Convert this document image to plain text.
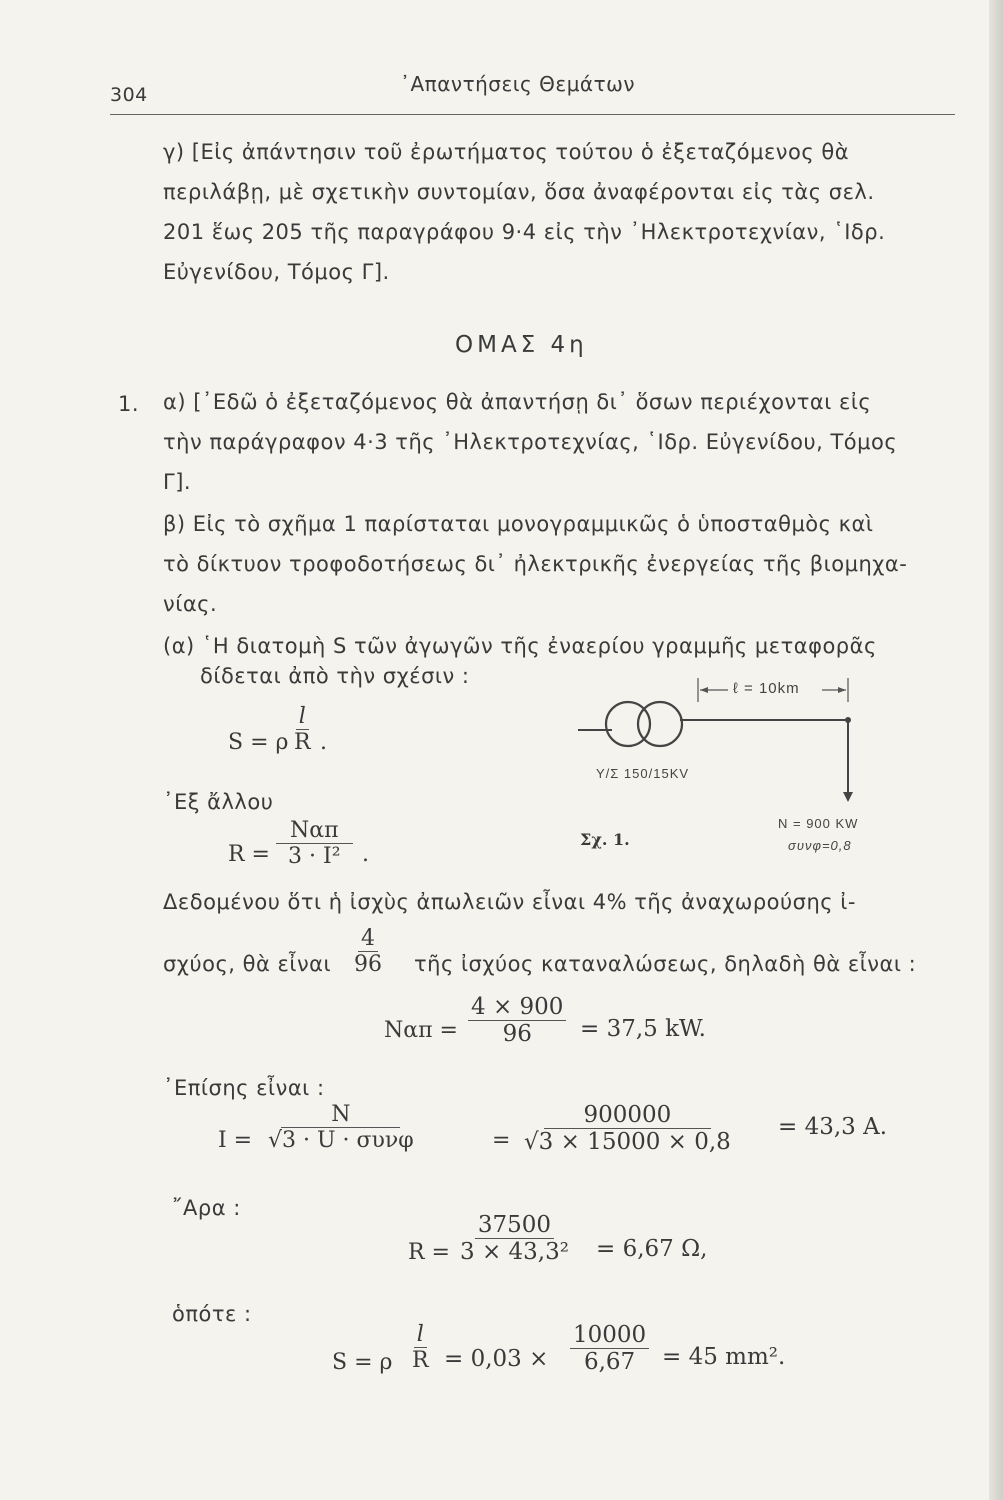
304	᾽Απαντήσεις Θεμάτων
γ) [Εἰς ἀπάντησιν τοῦ ἐρωτήματος τούτου ὁ ἐξεταζόμενος θὰ
περιλάβῃ, μὲ σχετικὴν συντομίαν, ὅσα ἀναφέρονται εἰς τὰς σελ.
201 ἕως 205 τῆς παραγράφου 9·4 εἰς τὴν ᾽Ηλεκτροτεχνίαν, ῾Ιδρ.
Εὐγενίδου, Τόμος Γ].
ΟΜΑΣ 4η
1. α) [᾽Εδῶ ὁ ἐξεταζόμενος θὰ ἀπαντήσῃ δι᾽ ὅσων περιέχονται εἰς
τὴν παράγραφον 4·3 τῆς ᾽Ηλεκτροτεχνίας, ῾Ιδρ. Εὐγενίδου, Τόμος
Γ].
β) Εἰς τὸ σχῆμα 1 παρίσταται μονογραμμικῶς ὁ ὑποσταθμὸς καὶ
τὸ δίκτυον τροφοδοτήσεως δι᾽ ἠλεκτρικῆς ἐνεργείας τῆς βιομηχα-
νίας.
(α) ῾Η διατομὴ S τῶν ἀγωγῶν τῆς ἐναερίου γραμμῆς μεταφορᾶς
δίδεται ἀπὸ τὴν σχέσιν :
S = ρ $\frac{l}{R}$ .
᾽Εξ ἄλλου
R =
Nαπ
3 · I² .
ℓ = 10km
Υ/Σ 150/15ΚV
N = 900 KW
συνφ=0,8
Σχ. 1.
Δεδομένου ὅτι ἡ ἰσχὺς ἀπωλειῶν εἶναι 4% τῆς ἀναχωρούσης ἰ-
σχύος, θὰ εἶναι $\frac{4}{96}$ τῆς ἰσχύος καταναλώσεως, δηλαδὴ θὰ εἶναι :
$N\alpha\pi = \frac{4 \times 900}{96} = 37,5$ kW.
᾽Επίσης εἶναι :
I =
N
√3 · U · συνφ	= $\frac{900000}{√3 \times 15000 \times 0,8} = 43,3$ A.
῎Αρα :
$R = \frac{37500}{\text{3 × 43,3²}} = 6,67$ Ω,
ὁπότε :
S = ρ $\frac{l}{R} = 0,03 \times \frac{10000}{6,67} = 45$ mm².
